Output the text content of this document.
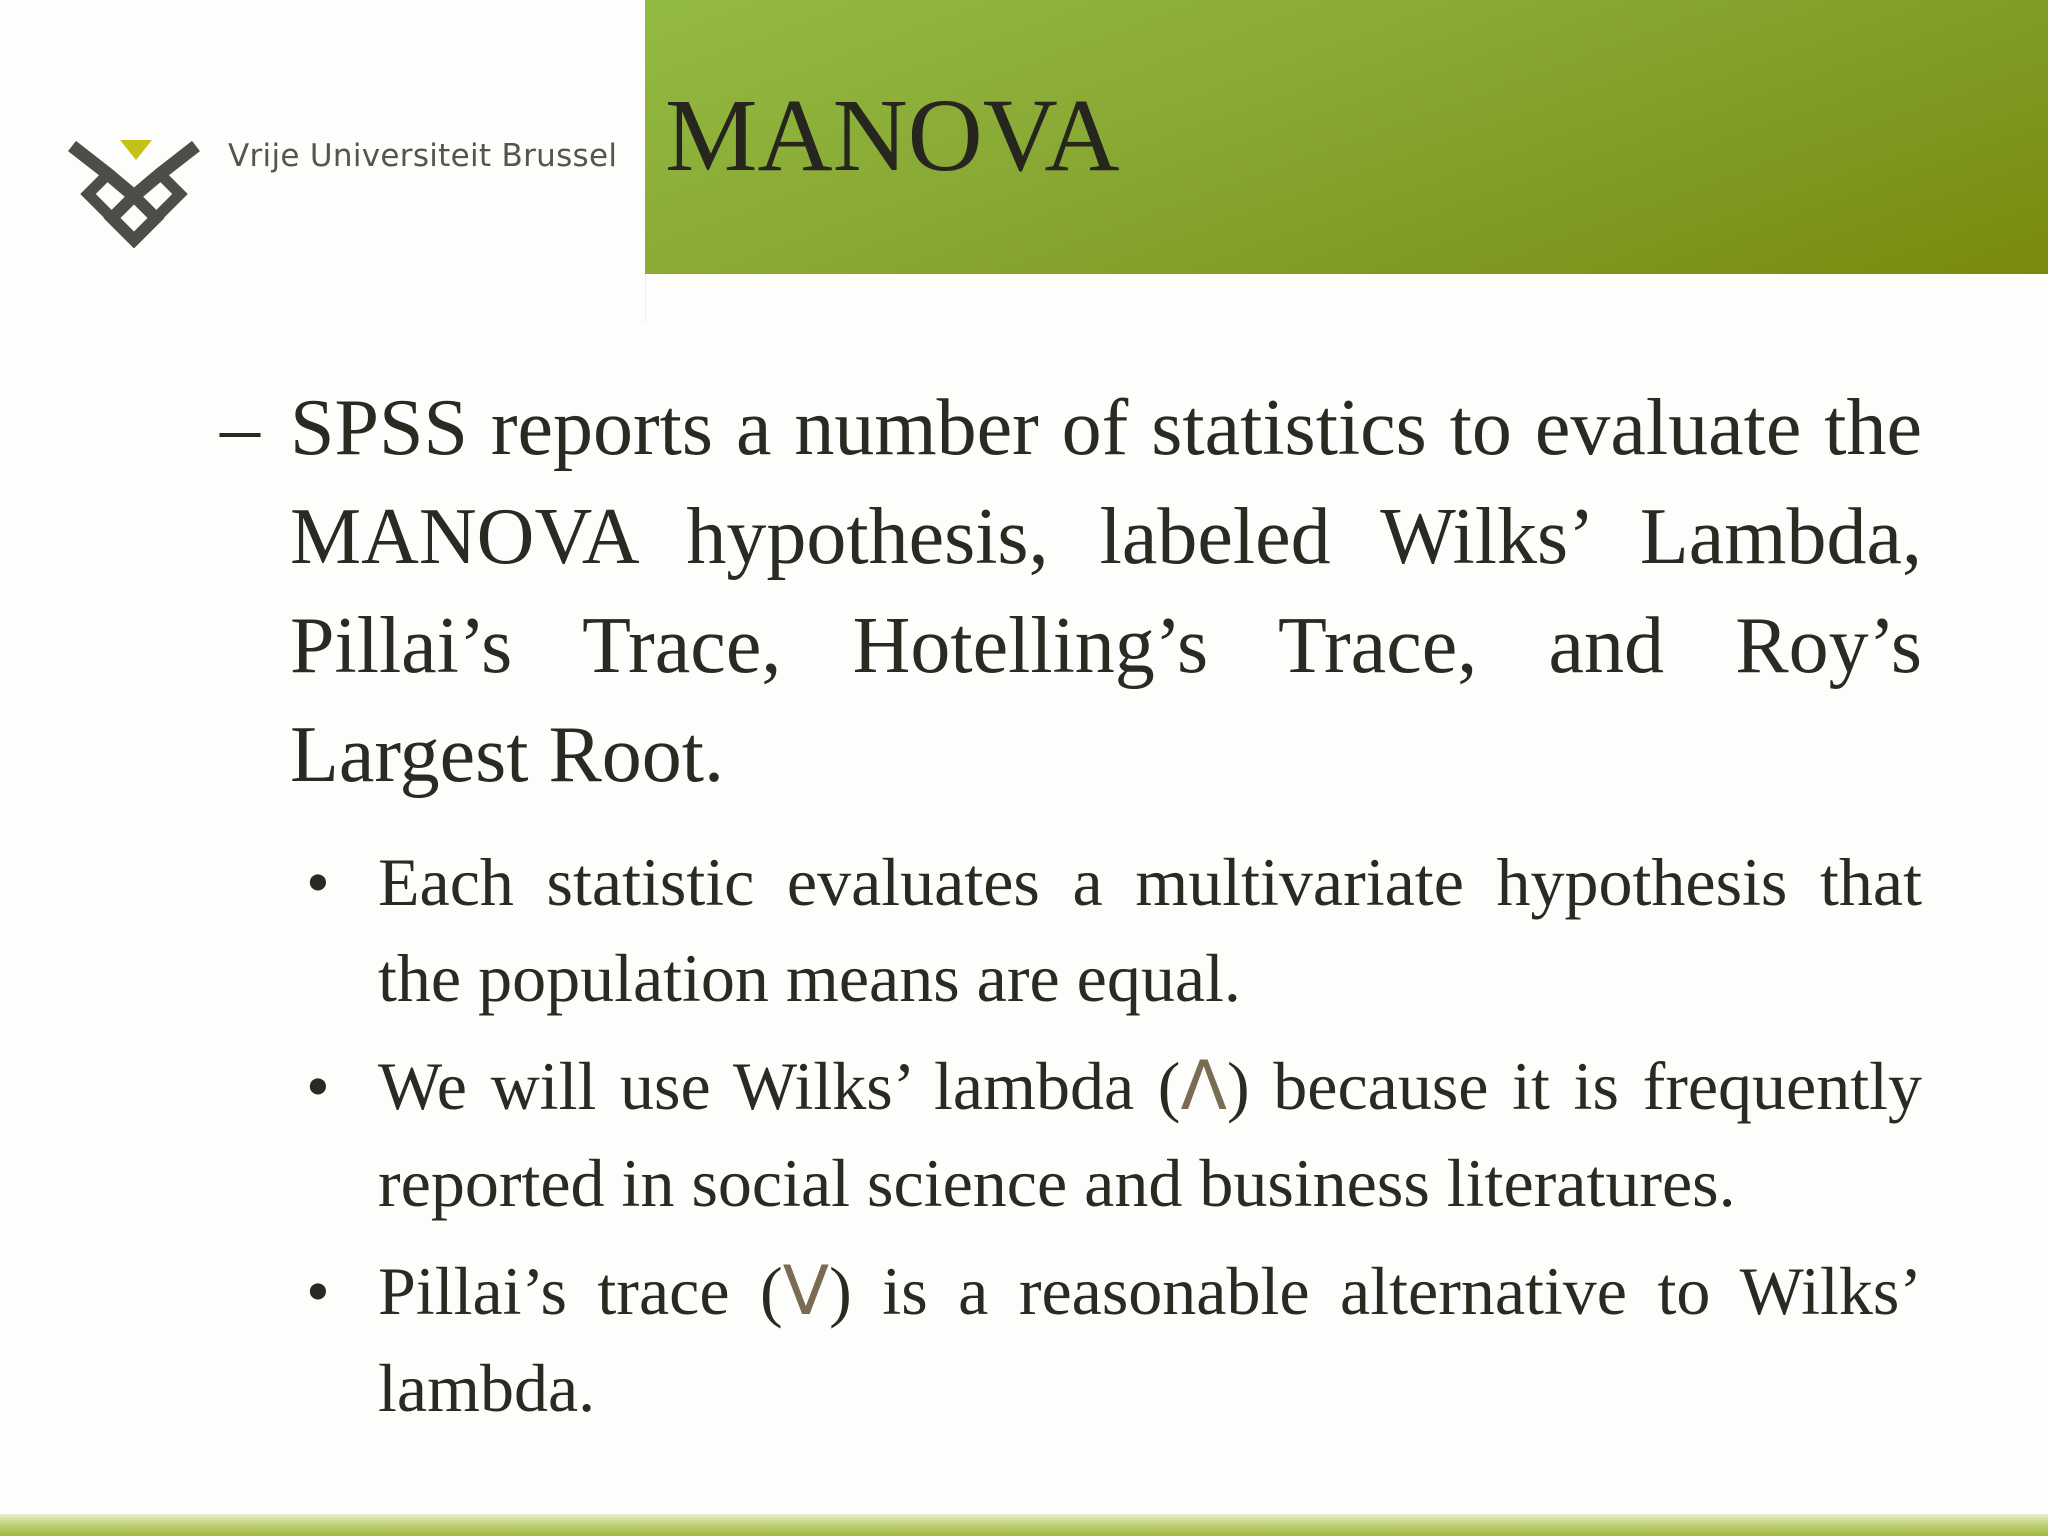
Vrije Universiteit Brussel MANOVA
– SPSS reports a number of statistics to evaluate the MANOVA hypothesis, labeled Wilks’ Lambda, Pillai’s Trace, Hotelling’s Trace, and Roy’s Largest Root.
• Each statistic evaluates a multivariate hypothesis that the population means are equal.
• We will use Wilks’ lambda (Λ) because it is frequently reported in social science and business literatures.
• Pillai’s trace (V) is a reasonable alternative to Wilks’ lambda.
